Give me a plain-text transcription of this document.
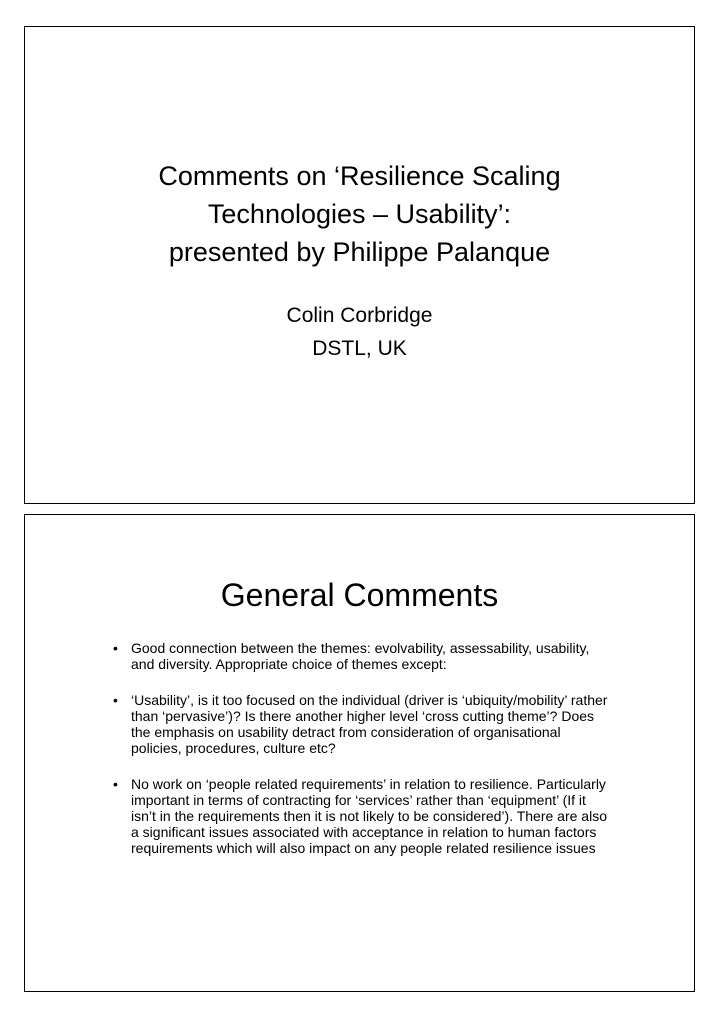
Comments on ‘Resilience Scaling

Technologies – Usability’:

presented by Philippe Palanque

Colin Corbridge

DSTL, UK

General Comments
• Good connection between the themes: evolvability, assessability, usability, and diversity. Appropriate choice of themes except:
• ‘Usability’, is it too focused on the individual (driver is ‘ubiquity/mobility’ rather than ‘pervasive’)? Is there another higher level ‘cross cutting theme’? Does the emphasis on usability detract from consideration of organisational policies, procedures, culture etc?
• No work on ‘people related requirements’ in relation to resilience. Particularly important in terms of contracting for ‘services’ rather than ‘equipment’ (If it isn’t in the requirements then it is not likely to be considered’). There are also a significant issues associated with acceptance in relation to human factors requirements which will also impact on any people related resilience issues
